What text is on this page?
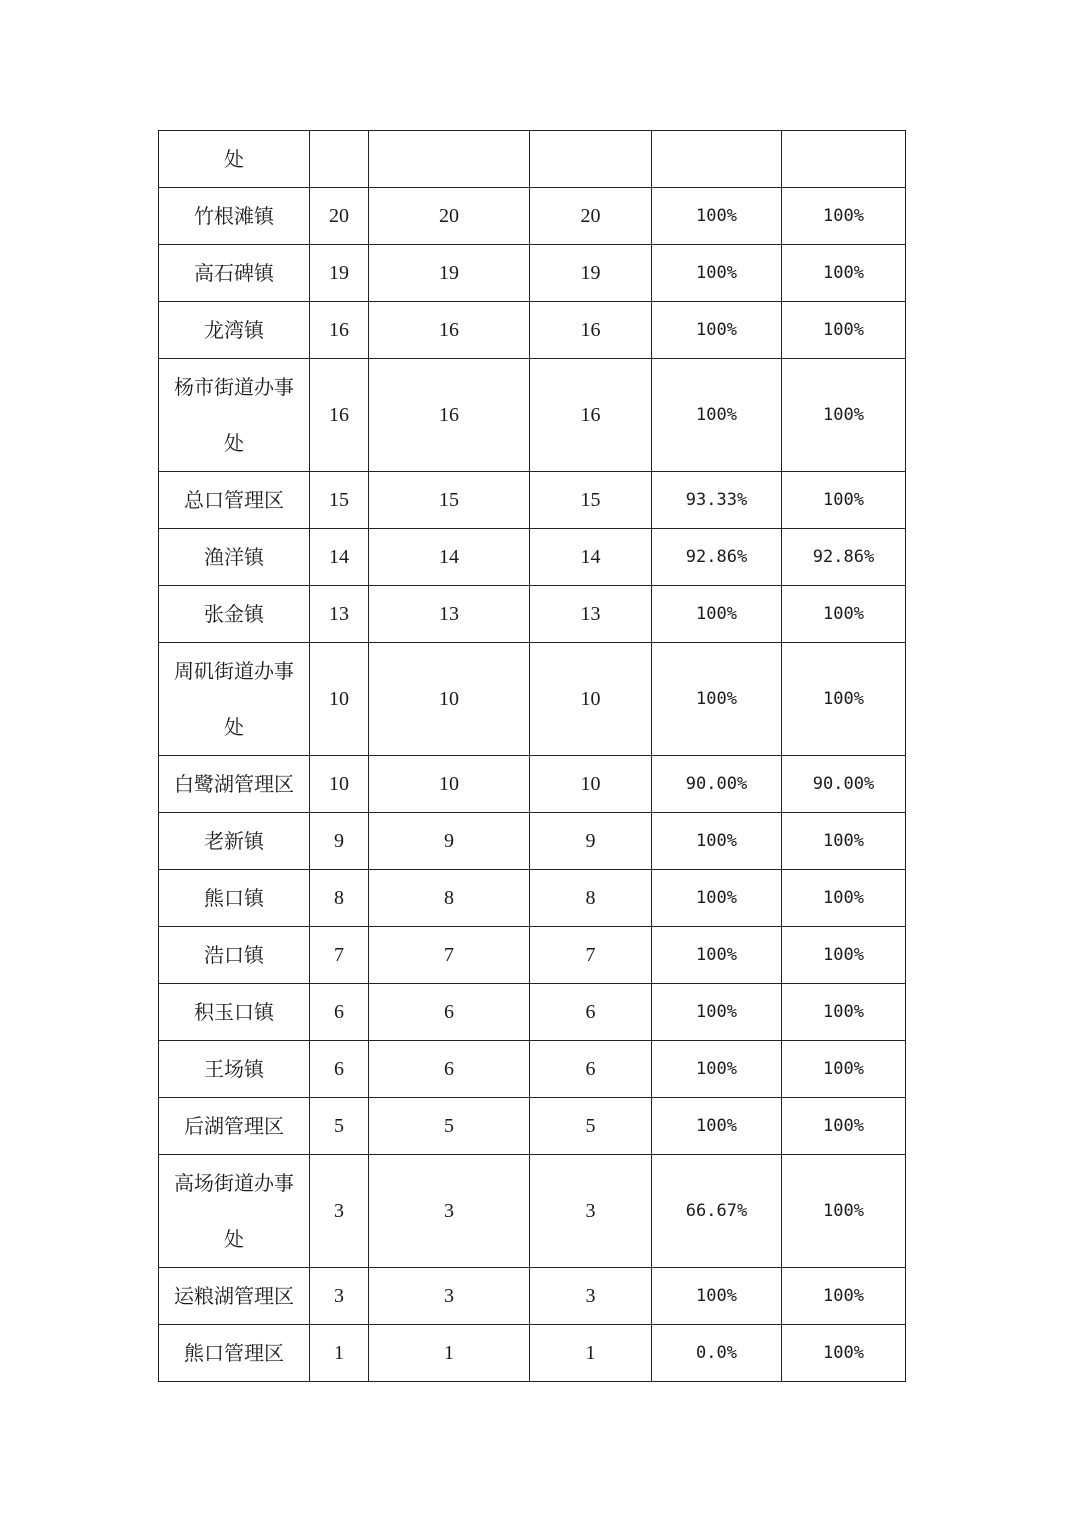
处					
竹根滩镇	20	20	20	100%	100%
高石碑镇	19	19	19	100%	100%
龙湾镇	16	16	16	100%	100%
杨市街道办事处	16	16	16	100%	100%
总口管理区	15	15	15	93.33%	100%
渔洋镇	14	14	14	92.86%	92.86%
张金镇	13	13	13	100%	100%
周矶街道办事处	10	10	10	100%	100%
白鹭湖管理区	10	10	10	90.00%	90.00%
老新镇	9	9	9	100%	100%
熊口镇	8	8	8	100%	100%
浩口镇	7	7	7	100%	100%
积玉口镇	6	6	6	100%	100%
王场镇	6	6	6	100%	100%
后湖管理区	5	5	5	100%	100%
高场街道办事处	3	3	3	66.67%	100%
运粮湖管理区	3	3	3	100%	100%
熊口管理区	1	1	1	0.0%	100%
